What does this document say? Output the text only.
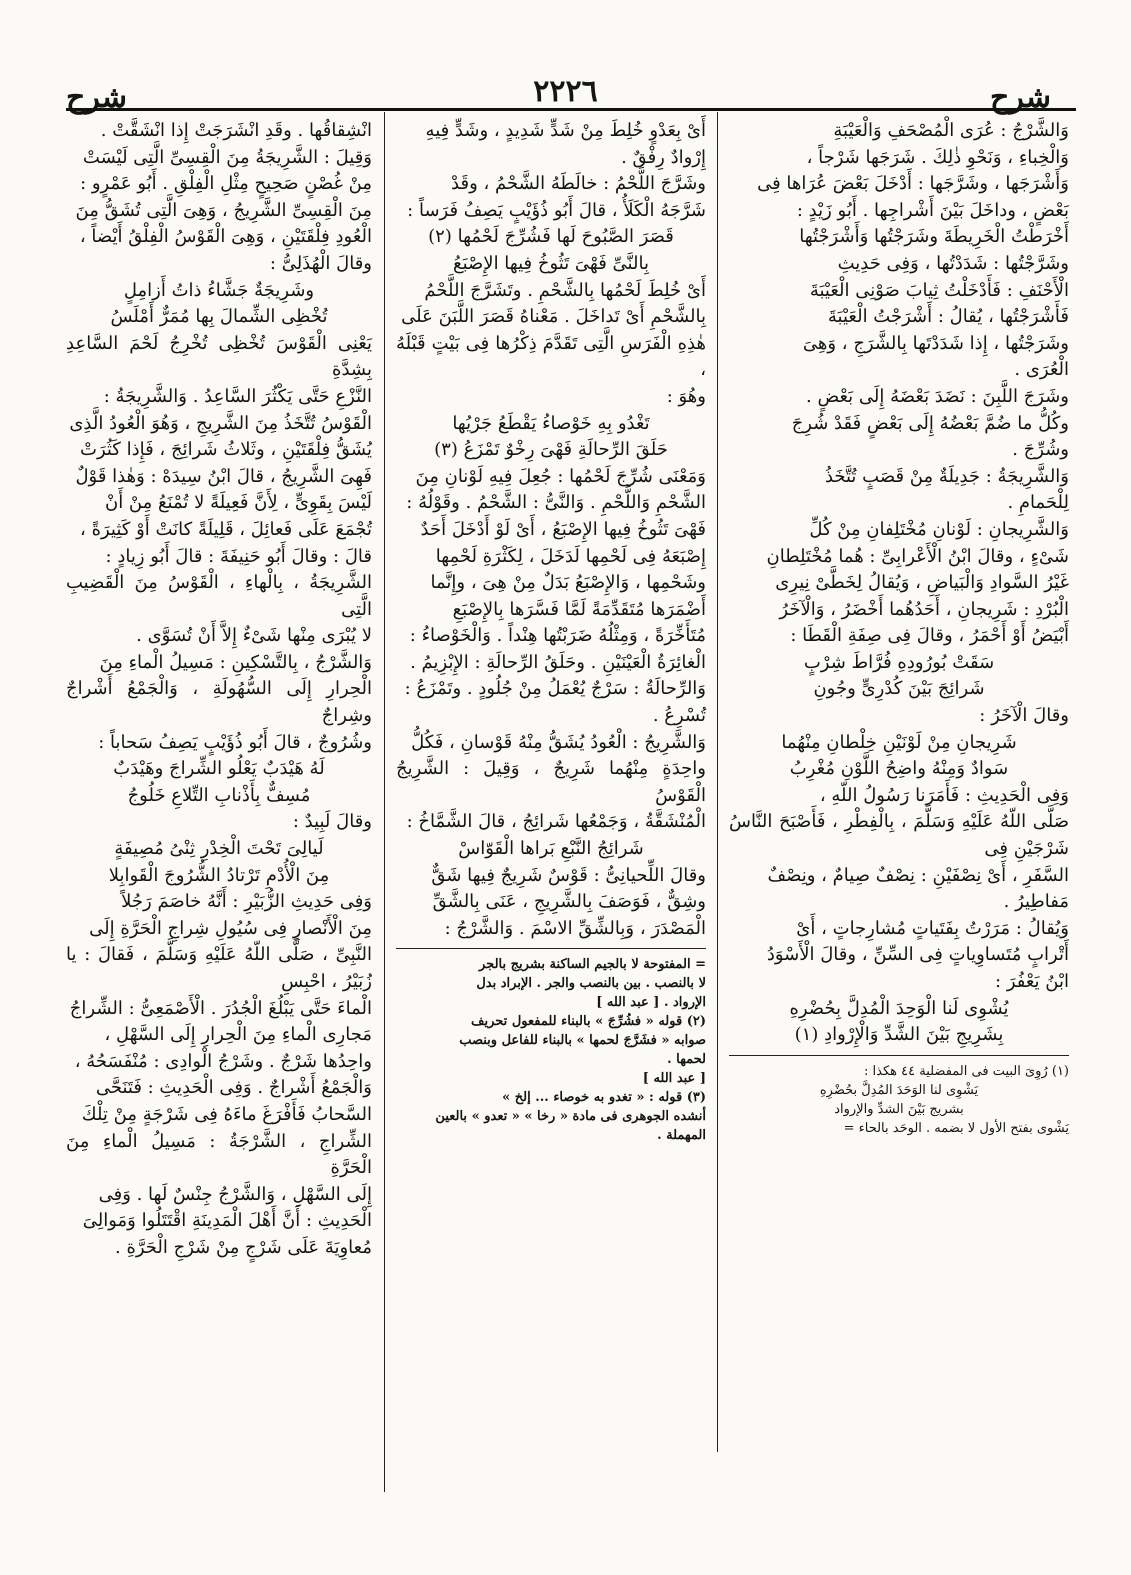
شرح
٢٢٢٦
شرح

وَالشَّرْجُ : عُرَى الْمُصْحَفِ وَالْعَيْبَةِ

وَالْخِباءِ ، وَنَحْوِ ذٰلِكَ . شَرَجَها شَرْجاً ،

وَأَشْرَجَها ، وشَرَّجَها : أَدْخَلَ بَعْضَ عُرَاها فِى

بَعْضٍ ، وداخَلَ بَيْنَ أَشْراجِها . أَبُو زَيْدٍ :

أَخْرَطْتُ الْخَرِيطَةَ وشَرَجْتُها وَأَشْرَجْتُها

وشَرَّجْتُها : شَدَدْتُها ، وَفِى حَدِيثِ

الْأَحْنَفِ : فَأَدْخَلْتُ ثِيابَ صَوْنِى الْعَيْبَةَ

فَأَشْرَجْتُها ، يُقالُ : أَشْرَجْتُ الْعَيْبَةَ

وشَرَجْتُها ، إِذا شَدَدْتَها بِالشَّرَجِ ، وَهِىَ

الْعُرَى .

وشَرَجَ اللَّبِنَ : نَضَدَ بَعْضَهُ إِلَى بَعْضٍ .

وكُلُّ ما ضُمَّ بَعْضُهُ إِلَى بَعْضٍ فَقَدْ شُرِجَ

وشُرِّجَ .

وَالشَّرِيجَةُ : جَدِيلَةٌ مِنْ قَصَبٍ تُتَّخَذُ

لِلْحَمامِ .

وَالشَّرِيجانِ : لَوْنانِ مُخْتَلِفانِ مِنْ كُلِّ

شَىْءٍ ، وقالَ ابْنُ الْأَعْرابِىِّ : هُما مُخْتَلِطانِ

غَيْرُ السَّوادِ وَالْبَياضِ ، وَيُقالُ لِخَطَّىْ نِيرِى

الْبُرْدِ : شَرِيجانِ ، أَحَدُهُما أَخْضَرُ ، وَالْآخَرُ

أَبْيَضُ أَوْ أَحْمَرُ ، وقالَ فِى صِفَةِ الْقَطَا :

سَقَتْ بُورُودِهِ فُرَّاطَ شِرْبٍ

شَرائِجَ بَيْنَ كُدْرِىٍّ وجُونِ

وقالَ الْآخَرُ :

شَرِيجانِ مِنْ لَوْنَيْنِ خِلْطانِ مِنْهُما

سَوادٌ وَمِنْهُ واضِحُ اللَّوْنِ مُغْرِبُ

وَفِى الْحَدِيثِ : فَأَمَرَنا رَسُولُ اللّهِ ،

صَلَّى اللّهُ عَلَيْهِ وَسَلَّمَ ، بِالْفِطْرِ ، فَأَصْبَحَ النَّاسُ شَرْجَيْنِ فِى

السَّفَرِ ، أَىْ نِصْفَيْنِ : نِصْفٌ صِيامٌ ، ونِصْفٌ

مَفاطِيرُ .

وَيُقالُ : مَرَرْتُ بِفَتَياتٍ مُشارِجاتٍ ، أَىْ

أَتْرابٍ مُتَساوِياتٍ فِى السِّنِّ ، وقالَ الْأَسْوَدُ

ابْنُ يَعْفُرَ :

يُشْوِى لَنا الْوَحِدَ الْمُدِلَّ بِحُضْرِهِ

بِشَرِيجِ بَيْنَ الشَّدِّ وَالْإِرْوادِ (١)

(١) رُوِىَ البيت فى المفضلية ٤٤ هكذا :

يَشْوِى لنا الوَحَدَ المُدِلَّ بحُضْرِهِ

بشريج بَيْنَ الشدِّ والإرواد

يَشْوى بفتح الأول لا بضمه . الوحَد بالحاء =

أَىْ بِعَدْوٍ خُلِطَ مِنْ شَدٍّ شَدِيدٍ ، وشَدٍّ فِيهِ

إِرْوادٌ رِفْقٌ .

وشَرَّجَ اللَّحْمُ : خالَطَهُ الشَّحْمُ ، وقَدْ

شَرَّجَهُ الْكَلَأُ ، قالَ أَبُو ذُؤَيْبٍ يَصِفُ فَرَساً :

قَصَرَ الصَّبُوحَ لَها فَشُرِّجَ لَحْمُها (٢)

بِالنَّىِّ فَهْىَ تَثُوخُ فِيها الإِصْبَعُ

أَىْ خُلِطَ لَحْمُها بِالشَّحْمِ . وتَشَرَّجَ اللَّحْمُ

بِالشَّحْمِ أَىْ تَداخَلَ . مَعْناهُ قَصَرَ اللَّبَنَ عَلَى

هٰذِهِ الْفَرَسِ الَّتِى تَقَدَّمَ ذِكْرُها فِى بَيْتٍ قَبْلَهُ ،

وهُوَ :

تَغْدُو بِهِ خَوْصاءُ يَقْطَعُ جَرْيُها

حَلَقَ الرِّحالَةِ فَهْىَ رِخْوٌ تَمْزَعُ (٣)

وَمَعْنَى شُرِّجَ لَحْمُها : جُعِلَ فِيهِ لَوْنانِ مِنَ

الشَّحْمِ وَاللَّحْمِ . وَالنَّىُّ : الشَّحْمُ . وقَوْلُهُ :

فَهْىَ تَثُوخُ فِيها الإِصْبَعُ ، أَىْ لَوْ أَدْخَلَ أَحَدٌ

إِصْبَعَهُ فِى لَحْمِها لَدَخَلَ ، لِكَثْرَةِ لَحْمِها

وشَحْمِها ، وَالإِصْبَعُ بَدَلٌ مِنْ هِىَ ، وإِنَّما

أَضْمَرَها مُتَقَدِّمَةً لَمَّا فَسَّرَها بِالإِصْبَعِ

مُتَأَخِّرَةً ، وَمِثْلُهُ ضَرَبْتُها هِنْداً . وَالْخَوْصاءُ :

الْغائِرَةُ الْعَيْنَيْنِ . وحَلَقُ الرِّحالَةِ : الإِبْزِيمُ .

وَالرِّحالَةُ : سَرْجٌ يُعْمَلُ مِنْ جُلُودٍ . وتَمْزَعُ :

تُسْرِعُ .

وَالشَّرِيجُ : الْعُودُ يُشَقُّ مِنْهُ قَوْسانِ ، فَكُلُّ

واحِدَةٍ مِنْهُما شَرِيجٌ ، وَقِيلَ : الشَّرِيجُ الْقَوْسُ

الْمُنْشَقَّةُ ، وَجَمْعُها شَرائِجُ ، قالَ الشَّمَّاخُ :

شَرائِجُ النَّبْعِ بَراها الْقَوّاسْ

وقالَ اللِّحيانِىُّ : قَوْسٌ شَرِيجٌ فِيها شَقٌّ

وشِقٌّ ، فَوَصَفَ بِالشَّرِيجِ ، عَنَى بِالشَّقِّ

الْمَصْدَرَ ، وَبِالشِّقِّ الاسْمَ . وَالشَّرْجُ :

= المفتوحة لا بالجيم الساكنة بشريج بالجر

لا بالنصب . بين بالنصب والجر . الإبراد بدل

الإرواد . [ عبد الله ]

(٢) قوله « فشُرِّجَ » بالبناء للمفعول تحريف

صوابه « فشَرَّجَ لحمها » بالبناء للفاعل وبنصب

لحمها .

[ عبد الله ]

(٣) قوله : « تغدو به خوصاء ... إلخ »

أنشده الجوهرى فى مادة « رخا » « تعدو » بالعين

المهملة .

انْشِقاقُها . وقَدِ انْشَرَجَتْ إِذا انْشَقَّتْ .

وَقِيلَ : الشَّرِيجَةُ مِنَ الْقِسِىِّ الَّتِى لَيْسَتْ

مِنْ غُصْنٍ صَحِيحٍ مِثْلِ الْفِلْقِ . أَبُو عَمْرٍو :

مِنَ الْقِسِىِّ الشَّرِيجُ ، وَهِىَ الَّتِى تُشَقُّ مِنَ

الْعُودِ فِلْقَتَيْنِ ، وَهِىَ الْقَوْسُ الْفِلْقُ أَيْضاً ،

وقالَ الْهُذَلِىُّ :

وشَرِيجَةٌ جَشَّاءُ ذاتُ أَزامِلٍ

تُخْظِى الشِّمالَ بِها مُمَرٌّ أَمْلَسُ

يَعْنِى الْقَوْسَ تُخْظِى تُخْرِجُ لَحْمَ السَّاعِدِ بِشِدَّةِ

النَّزْعِ حَتَّى يَكْثُرَ السَّاعِدُ . وَالشَّرِيجَةُ :

الْقَوْسُ تُتَّخَذُ مِنَ الشَّرِيجِ ، وَهُوَ الْعُودُ الَّذِى

يُشَقُّ فِلْقَتَيْنِ ، وثَلاثُ شَرائِجَ ، فَإِذا كَثُرَتْ

فَهِىَ الشَّرِيجُ ، قالَ ابْنُ سِيدَهْ : وَهٰذا قَوْلٌ

لَيْسَ بِقَوِىٍّ ، لِأَنَّ فَعِيلَةً لا تُمْنَعُ مِنْ أَنْ

تُجْمَعَ عَلَى فَعائِلَ ، قَلِيلَةً كانَتْ أَوْ كَثِيرَةً ،

قالَ : وقالَ أَبُو حَنِيفَةَ : قالَ أَبُو زِيادٍ :

الشَّرِيجَةُ ، بِالْهاءِ ، الْقَوْسُ مِنَ الْقَضِيبِ الَّتِى

لا يُبْرَى مِنْها شَىْءٌ إِلاَّ أَنْ تُسَوَّى .

وَالشَّرْجُ ، بِالتَّسْكِينِ : مَسِيلُ الْماءِ مِنَ

الْحِرارِ إِلَى السُّهُولَةِ ، وَالْجَمْعُ أَشْراجٌ وشِراجٌ

وشُرُوجٌ ، قالَ أَبُو ذُؤَيْبٍ يَصِفُ سَحاباً :

لَهُ هَيْدَبٌ يَعْلُو الشِّراجَ وهَيْدَبٌ

مُسِفٌّ بِأَذْنابِ التِّلاعِ خَلُوجُ

وقالَ لَبِيدٌ :

لَيالِىَ تَحْتَ الْخِدْرِ ثِنْىُ مُصِيفَةٍ

مِنَ الْأُدْمِ تَرْتادُ الشُّرُوجَ الْقَوابِلا

وَفِى حَدِيثِ الزُّبَيْرِ : أَنَّهُ خاصَمَ رَجُلاً

مِنَ الْأَنْصارِ فِى سُيُولِ شِراجِ الْحَرَّةِ إِلَى

النَّبِىِّ ، صَلَّى اللّهُ عَلَيْهِ وَسَلَّمَ ، فَقالَ : يا زُبَيْرُ ، احْبِسِ

الْماءَ حَتَّى يَبْلُغَ الْجُدُرَ . الْأَصْمَعِىُّ : الشِّراجُ

مَجارِى الْماءِ مِنَ الْحِرارِ إِلَى السَّهْلِ ،

واحِدُها شَرْجٌ . وشَرْجُ الْوادِى : مُنْفَسَحُهُ ،

وَالْجَمْعُ أَشْراجٌ . وَفِى الْحَدِيثِ : فَتَنَحَّى

السَّحابُ فَأَفْرَغَ ماءَهُ فِى شَرْجَةٍ مِنْ تِلْكَ

الشِّراجِ ، الشَّرْجَةُ : مَسِيلُ الْماءِ مِنَ الْحَرَّةِ

إِلَى السَّهْلِ ، وَالشَّرْجُ جِنْسٌ لَها . وَفِى

الْحَدِيثِ : أَنَّ أَهْلَ الْمَدِينَةِ اقْتَتَلُوا وَمَوالِىَ

مُعاوِيَةَ عَلَى شَرْجٍ مِنْ شَرْجِ الْحَرَّةِ .
